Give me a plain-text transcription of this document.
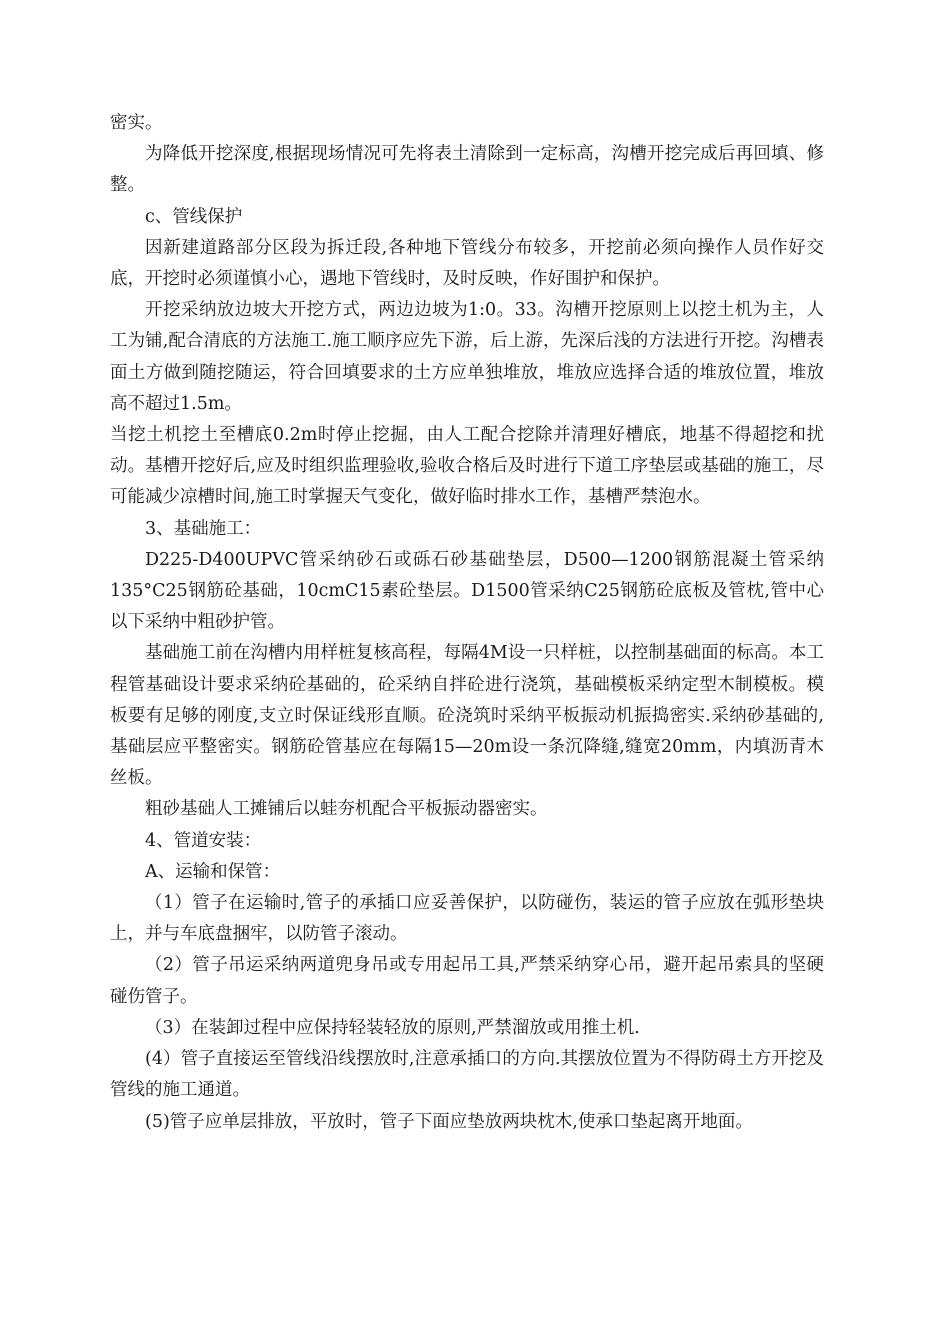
密实。

为降低开挖深度,根据现场情况可先将表土清除到一定标高，沟槽开挖完成后再回填、修整。

c、管线保护

因新建道路部分区段为拆迁段,各种地下管线分布较多，开挖前必须向操作人员作好交底，开挖时必须谨慎小心，遇地下管线时，及时反映，作好围护和保护。

开挖采纳放边坡大开挖方式，两边边坡为1:0。33。沟槽开挖原则上以挖土机为主，人工为铺,配合清底的方法施工.施工顺序应先下游，后上游，先深后浅的方法进行开挖。沟槽表面土方做到随挖随运，符合回填要求的土方应单独堆放，堆放应选择合适的堆放位置，堆放高不超过1.5m。

当挖土机挖土至槽底0.2m时停止挖掘，由人工配合挖除并清理好槽底，地基不得超挖和扰动。基槽开挖好后,应及时组织监理验收,验收合格后及时进行下道工序垫层或基础的施工，尽可能减少凉槽时间,施工时掌握天气变化，做好临时排水工作，基槽严禁泡水。

3、基础施工：

D225-D400UPVC管采纳砂石或砾石砂基础垫层，D500—1200钢筋混凝土管采纳135°C25钢筋砼基础，10cmC15素砼垫层。D1500管采纳C25钢筋砼底板及管枕,管中心以下采纳中粗砂护管。

基础施工前在沟槽内用样桩复核高程，每隔4M设一只样桩，以控制基础面的标高。本工程管基础设计要求采纳砼基础的，砼采纳自拌砼进行浇筑，基础模板采纳定型木制模板。模板要有足够的刚度,支立时保证线形直顺。砼浇筑时采纳平板振动机振捣密实.采纳砂基础的,基础层应平整密实。钢筋砼管基应在每隔15—20m设一条沉降缝,缝宽20mm，内填沥青木丝板。

粗砂基础人工摊铺后以蛙夯机配合平板振动器密实。

4、管道安装：

A、运输和保管：

（1）管子在运输时,管子的承插口应妥善保护，以防碰伤，装运的管子应放在弧形垫块上，并与车底盘捆牢，以防管子滚动。

（2）管子吊运采纳两道兜身吊或专用起吊工具,严禁采纳穿心吊，避开起吊索具的坚硬碰伤管子。

（3）在装卸过程中应保持轻装轻放的原则,严禁溜放或用推土机.

(4）管子直接运至管线沿线摆放时,注意承插口的方向.其摆放位置为不得防碍土方开挖及管线的施工通道。

(5)管子应单层排放，平放时，管子下面应垫放两块枕木,使承口垫起离开地面。
